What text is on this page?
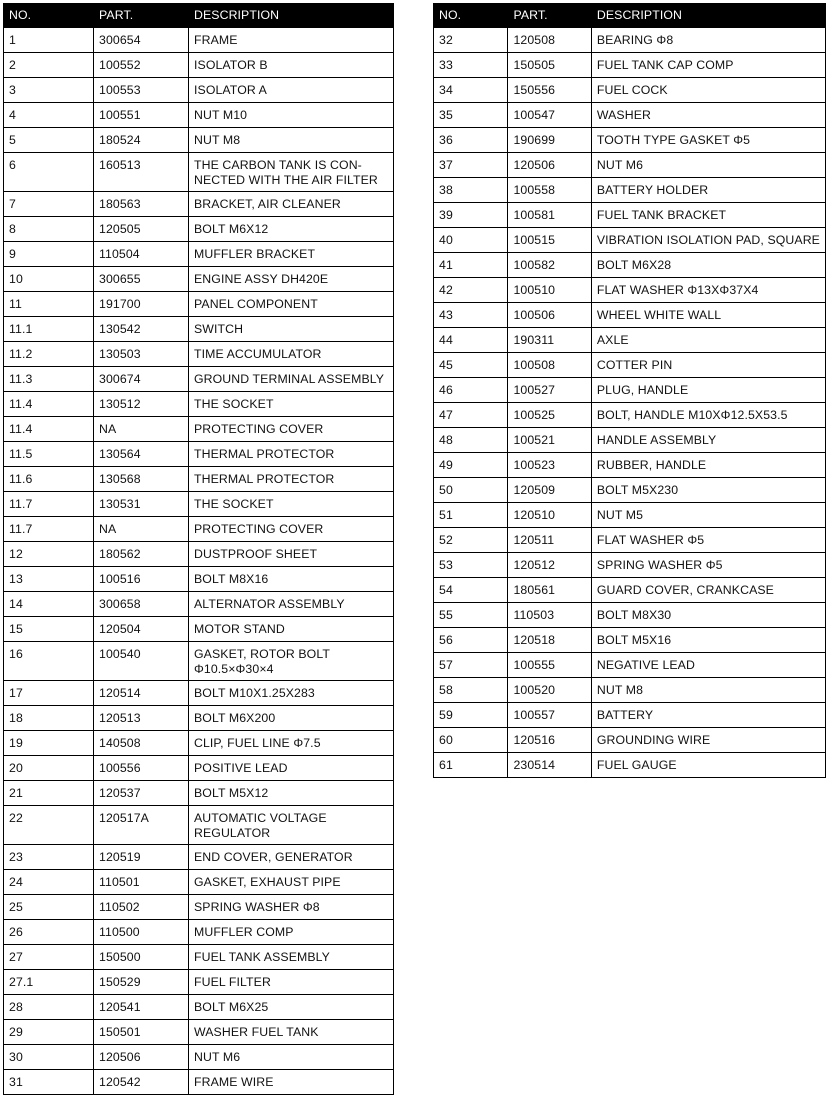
NO.	PART.	DESCRIPTION
1	300654	FRAME
2	100552	ISOLATOR B
3	100553	ISOLATOR A
4	100551	NUT M10
5	180524	NUT M8
6	160513	THE CARBON TANK IS CON-NECTED WITH THE AIR FILTER
7	180563	BRACKET, AIR CLEANER
8	120505	BOLT M6X12
9	110504	MUFFLER BRACKET
10	300655	ENGINE ASSY DH420E
11	191700	PANEL COMPONENT
11.1	130542	SWITCH
11.2	130503	TIME ACCUMULATOR
11.3	300674	GROUND TERMINAL ASSEMBLY
11.4	130512	THE SOCKET
11.4	NA	PROTECTING COVER
11.5	130564	THERMAL PROTECTOR
11.6	130568	THERMAL PROTECTOR
11.7	130531	THE SOCKET
11.7	NA	PROTECTING COVER
12	180562	DUSTPROOF SHEET
13	100516	BOLT M8X16
14	300658	ALTERNATOR ASSEMBLY
15	120504	MOTOR STAND
16	100540	GASKET, ROTOR BOLT Φ10.5×Φ30×4
17	120514	BOLT M10X1.25X283
18	120513	BOLT M6X200
19	140508	CLIP, FUEL LINE Φ7.5
20	100556	POSITIVE LEAD
21	120537	BOLT M5X12
22	120517A	AUTOMATIC VOLTAGE REGULATOR
23	120519	END COVER, GENERATOR
24	110501	GASKET, EXHAUST PIPE
25	110502	SPRING WASHER Φ8
26	110500	MUFFLER COMP
27	150500	FUEL TANK ASSEMBLY
27.1	150529	FUEL FILTER
28	120541	BOLT M6X25
29	150501	WASHER FUEL TANK
30	120506	NUT M6
31	120542	FRAME WIRE
NO.	PART.	DESCRIPTION
32	120508	BEARING Φ8
33	150505	FUEL TANK CAP COMP
34	150556	FUEL COCK
35	100547	WASHER
36	190699	TOOTH TYPE GASKET Φ5
37	120506	NUT M6
38	100558	BATTERY HOLDER
39	100581	FUEL TANK BRACKET
40	100515	VIBRATION ISOLATION PAD, SQUARE
41	100582	BOLT M6X28
42	100510	FLAT WASHER Φ13XΦ37X4
43	100506	WHEEL WHITE WALL
44	190311	AXLE
45	100508	COTTER PIN
46	100527	PLUG, HANDLE
47	100525	BOLT, HANDLE M10XΦ12.5X53.5
48	100521	HANDLE ASSEMBLY
49	100523	RUBBER, HANDLE
50	120509	BOLT M5X230
51	120510	NUT M5
52	120511	FLAT WASHER Φ5
53	120512	SPRING WASHER Φ5
54	180561	GUARD COVER, CRANKCASE
55	110503	BOLT M8X30
56	120518	BOLT M5X16
57	100555	NEGATIVE LEAD
58	100520	NUT M8
59	100557	BATTERY
60	120516	GROUNDING WIRE
61	230514	FUEL GAUGE
